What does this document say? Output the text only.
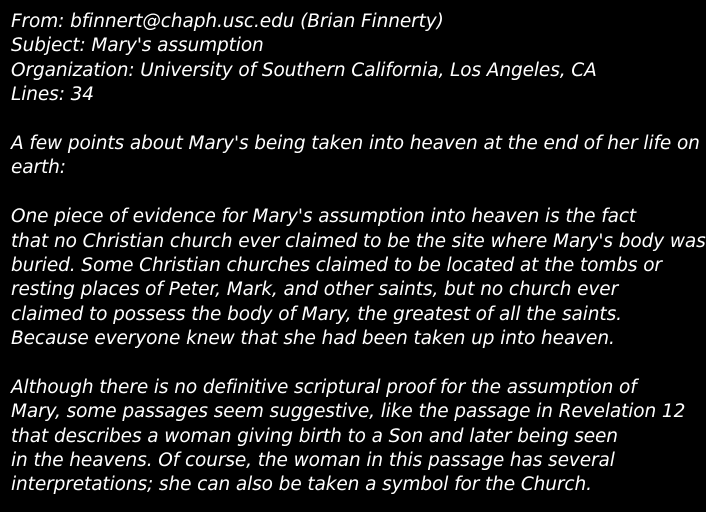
From: bfinnert@chaph.usc.edu (Brian Finnerty)
Subject: Mary's assumption
Organization: University of Southern California, Los Angeles, CA
Lines: 34
A few points about Mary's being taken into heaven at the end of her life on
earth:
One piece of evidence for Mary's assumption into heaven is the fact
that no Christian church ever claimed to be the site where Mary's body was
buried. Some Christian churches claimed to be located at the tombs or
resting places of Peter, Mark, and other saints, but no church ever
claimed to possess the body of Mary, the greatest of all the saints.
Because everyone knew that she had been taken up into heaven.
Although there is no definitive scriptural proof for the assumption of
Mary, some passages seem suggestive, like the passage in Revelation 12
that describes a woman giving birth to a Son and later being seen
in the heavens. Of course, the woman in this passage has several
interpretations; she can also be taken a symbol for the Church.
